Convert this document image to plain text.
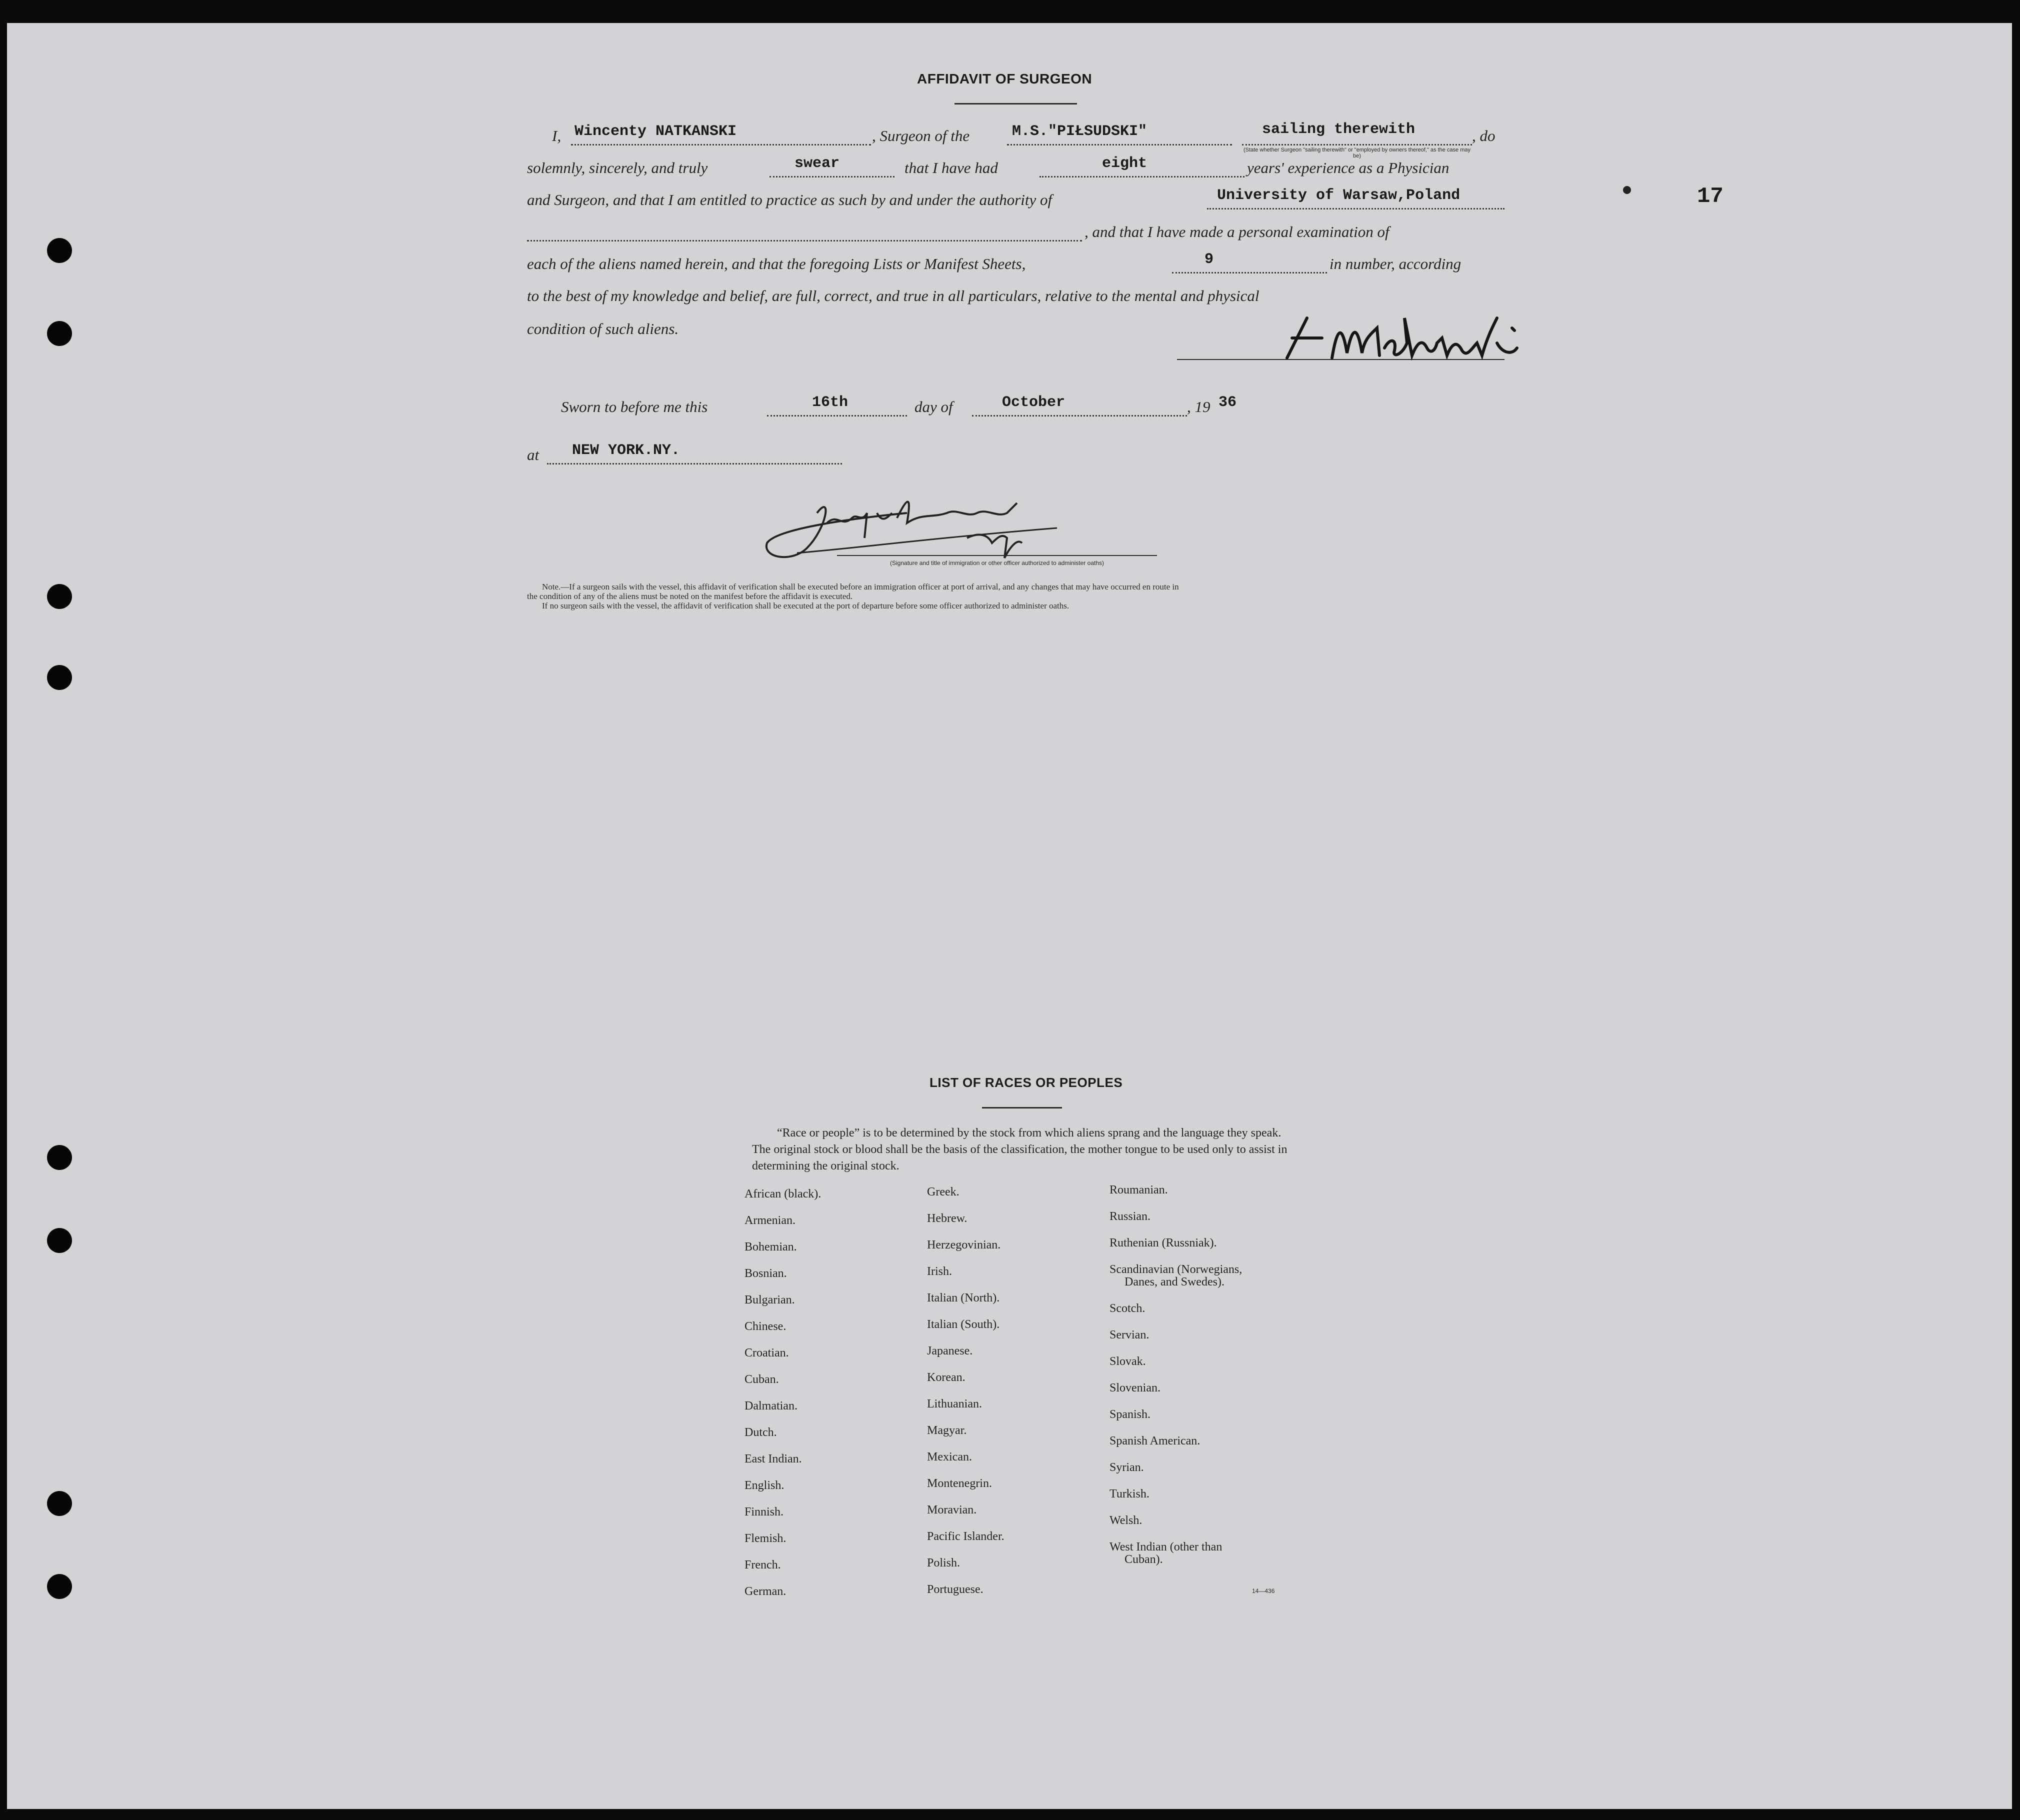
17
AFFIDAVIT OF SURGEON
I, Wincenty NATKANSKI	, Surgeon of the	M.S."PIŁSUDSKI"	sailing therewith	, do
(State whether Surgeon "sailing therewith" or "employed by owners thereof," as the case may be)
solemnly, sincerely, and truly	swear	that I have had	eight	years' experience as a Physician
and Surgeon, and that I am entitled to practice as such by and under the authority of	University of Warsaw,Poland
, and that I have made a personal examination of
each of the aliens named herein, and that the foregoing Lists or Manifest Sheets,	9	in number, according
to the best of my knowledge and belief, are full, correct, and true in all particulars, relative to the mental and physical
condition of such aliens.
Sworn to before me this	16th	day of	October	, 19 36
at NEW YORK.NY.
(Signature and title of immigration or other officer authorized to administer oaths)
Note.—If a surgeon sails with the vessel, this affidavit of verification shall be executed before an immigration officer at port of arrival, and any changes that may have occurred en route in
the condition of any of the aliens must be noted on the manifest before the affidavit is executed.
If no surgeon sails with the vessel, the affidavit of verification shall be executed at the port of departure before some officer authorized to administer oaths.
LIST OF RACES OR PEOPLES
“Race or people” is to be determined by the stock from which aliens sprang and the language they speak. The original stock or blood shall be the basis of the classification, the mother tongue to be used only to assist in determining the original stock.
African (black).
Armenian.
Bohemian.
Bosnian.
Bulgarian.
Chinese.
Croatian.
Cuban.
Dalmatian.
Dutch.
East Indian.
English.
Finnish.
Flemish.
French.
German.
Greek.
Hebrew.
Herzegovinian.
Irish.
Italian (North).
Italian (South).
Japanese.
Korean.
Lithuanian.
Magyar.
Mexican.
Montenegrin.
Moravian.
Pacific Islander.
Polish.
Portuguese.
Roumanian.
Russian.
Ruthenian (Russniak).
Scandinavian (Norwegians,
Danes, and Swedes).
Scotch.
Servian.
Slovak.
Slovenian.
Spanish.
Spanish American.
Syrian.
Turkish.
Welsh.
West Indian (other than
Cuban).
14—436
